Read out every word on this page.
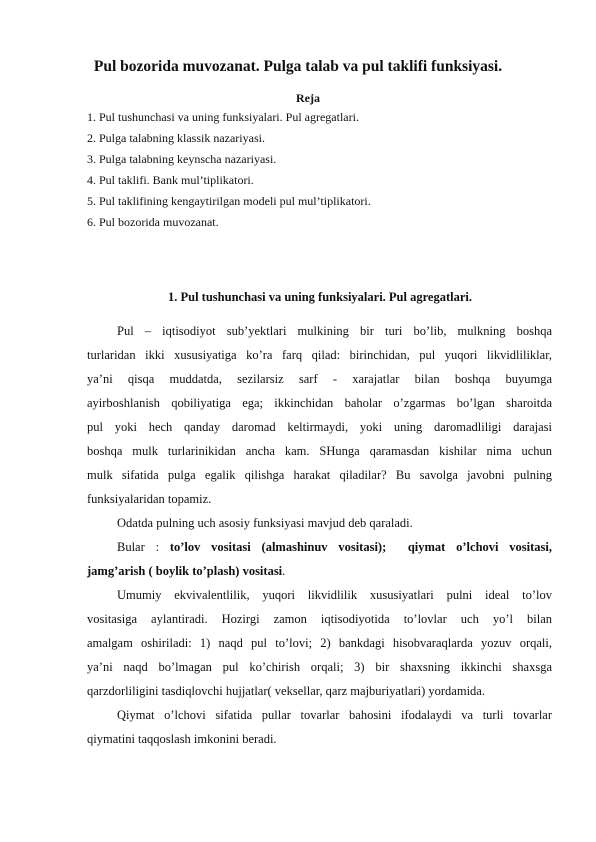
Pul bozorida muvozanat. Pulga talab va pul taklifi funksiyasi.
Reja
1. Pul tushunchasi va uning funksiyalari. Pul agregatlari.
2. Pulga talabning klassik nazariyasi.
3. Pulga talabning keynscha nazariyasi.
4. Pul taklifi. Bank mul’tiplikatori.
5. Pul taklifining kengaytirilgan modeli pul mul’tiplikatori.
6. Pul bozorida muvozanat.
1. Pul tushunchasi va uning funksiyalari. Pul agregatlari.
Pul – iqtisodiyot sub’yektlari mulkining bir turi bo’lib, mulkning boshqa
turlaridan ikki xususiyatiga ko’ra farq qilad: birinchidan, pul yuqori likvidliliklar,
ya’ni qisqa muddatda, sezilarsiz sarf - xarajatlar bilan boshqa buyumga
ayirboshlanish qobiliyatiga ega; ikkinchidan baholar o’zgarmas bo’lgan sharoitda
pul yoki hech qanday daromad keltirmaydi, yoki uning daromadliligi darajasi
boshqa mulk turlarinikidan ancha kam. SHunga qaramasdan kishilar nima uchun
mulk sifatida pulga egalik qilishga harakat qiladilar? Bu savolga javobni pulning
funksiyalaridan topamiz.
Odatda pulning uch asosiy funksiyasi mavjud deb qaraladi.
Bular : to’lov vositasi (almashinuv vositasi); qiymat o’lchovi vositasi,
jamg’arish ( boylik to’plash) vositasi.
Umumiy ekvivalentlilik, yuqori likvidlilik xususiyatlari pulni ideal to’lov
vositasiga aylantiradi. Hozirgi zamon iqtisodiyotida to’lovlar uch yo’l bilan
amalgam oshiriladi: 1) naqd pul to’lovi; 2) bankdagi hisobvaraqlarda yozuv orqali,
ya’ni naqd bo’lmagan pul ko’chirish orqali; 3) bir shaxsning ikkinchi shaxsga
qarzdorliligini tasdiqlovchi hujjatlar( veksellar, qarz majburiyatlari) yordamida.
Qiymat o’lchovi sifatida pullar tovarlar bahosini ifodalaydi va turli tovarlar
qiymatini taqqoslash imkonini beradi.
